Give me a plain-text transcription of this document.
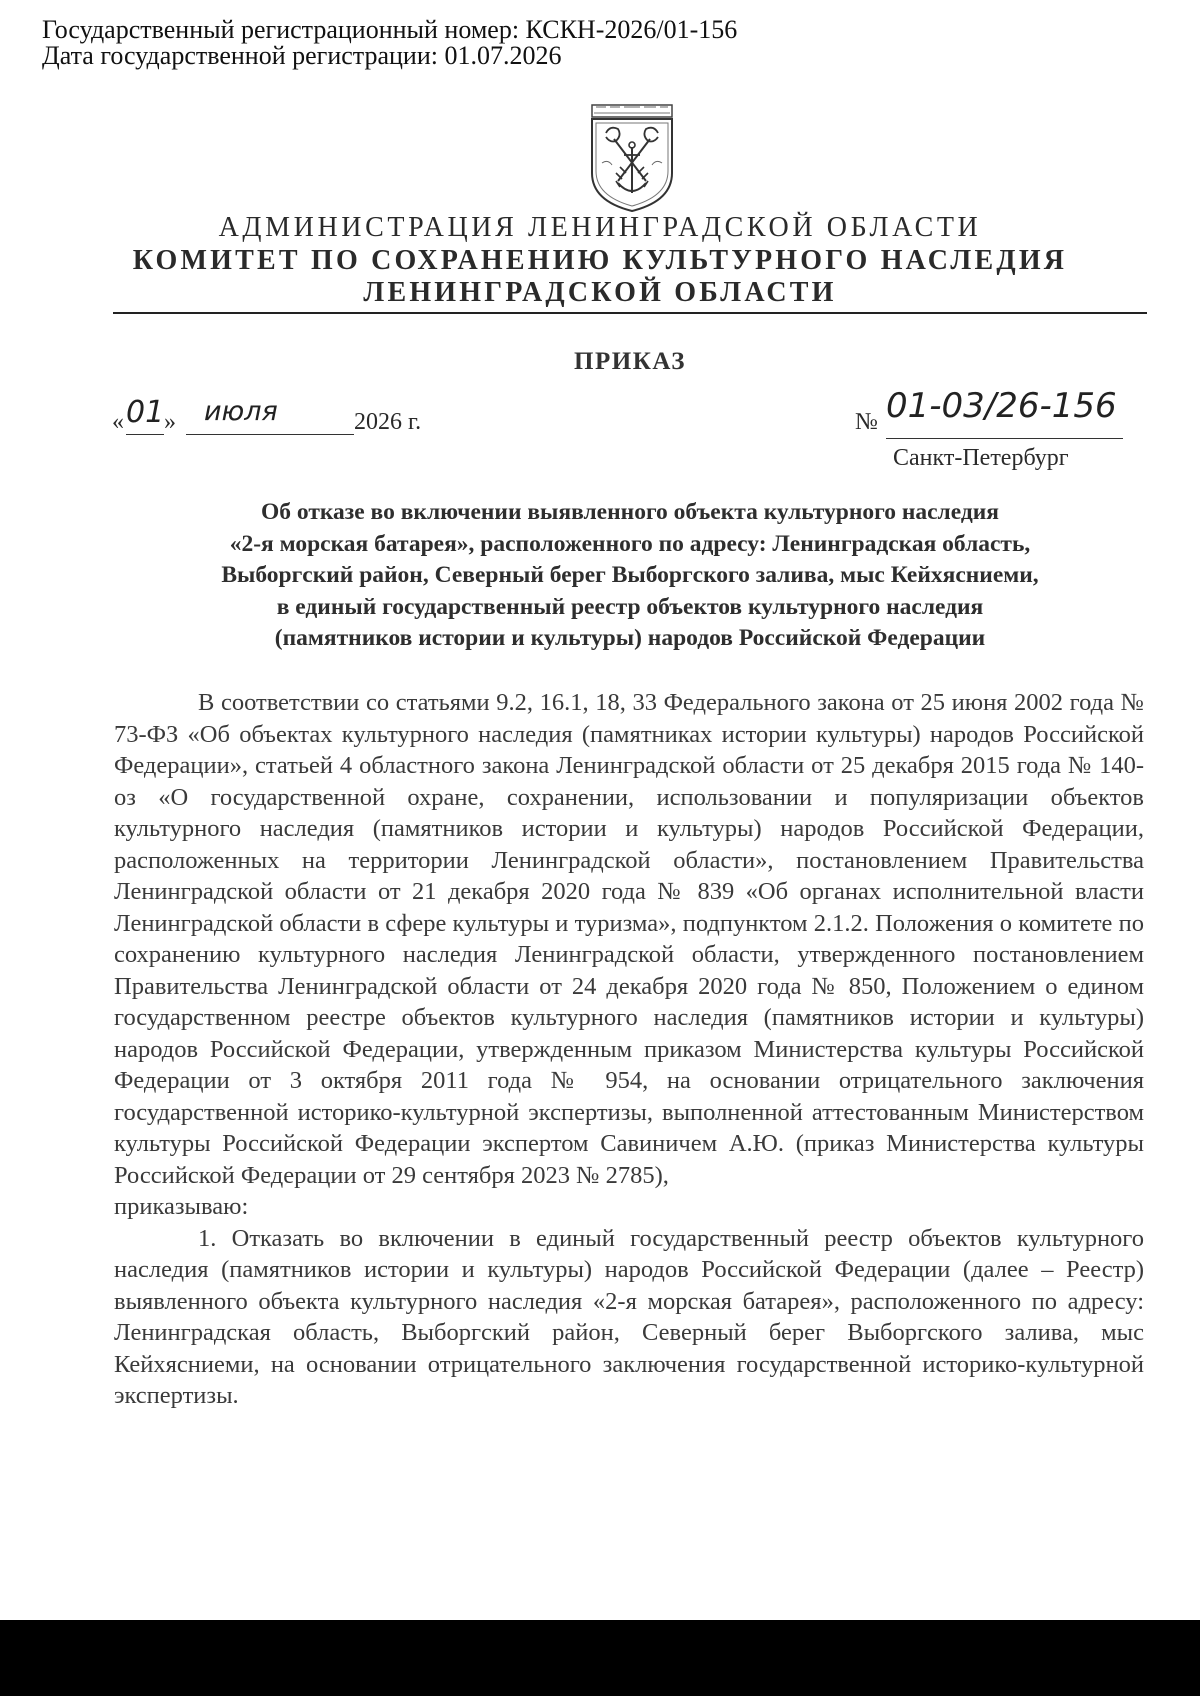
Государственный регистрационный номер: КСКН-2026/01-156
Дата государственной регистрации: 01.07.2026
АДМИНИСТРАЦИЯ ЛЕНИНГРАДСКОЙ ОБЛАСТИ
КОМИТЕТ ПО СОХРАНЕНИЮ КУЛЬТУРНОГО НАСЛЕДИЯ
ЛЕНИНГРАДСКОЙ ОБЛАСТИ
ПРИКАЗ
« 01 » июля	2026 г.	№ 01-03/26-156
Санкт-Петербург
Об отказе во включении выявленного объекта культурного наследия
«2-я морская батарея», расположенного по адресу: Ленинградская область,
Выборгский район, Северный берег Выборгского залива, мыс Кейхясниеми,
в единый государственный реестр объектов культурного наследия
(памятников истории и культуры) народов Российской Федерации

В соответствии со статьями 9.2, 16.1, 18, 33 Федерального закона от 25 июня 2002 года № 73-ФЗ «Об объектах культурного наследия (памятниках истории культуры) народов Российской Федерации», статьей 4 областного закона Ленинградской области от 25 декабря 2015 года № 140-оз «О государственной охране, сохранении, использовании и популяризации объектов культурного наследия (памятников истории и культуры) народов Российской Федерации, расположенных на территории Ленинградской области», постановлением Правительства Ленинградской области от 21 декабря 2020 года № 839 «Об органах исполнительной власти Ленинградской области в сфере культуры и туризма», подпунктом 2.1.2. Положения о комитете по сохранению культурного наследия Ленинградской области, утвержденного постановлением Правительства Ленинградской области от 24 декабря 2020 года № 850, Положением о едином государственном реестре объектов культурного наследия (памятников истории и культуры) народов Российской Федерации, утвержденным приказом Министерства культуры Российской Федерации от 3 октября 2011 года № 954, на основании отрицательного заключения государственной историко-культурной экспертизы, выполненной аттестованным Министерством культуры Российской Федерации экспертом Савиничем А.Ю. (приказ Министерства культуры Российской Федерации от 29 сентября 2023 № 2785),

приказываю:

1. Отказать во включении в единый государственный реестр объектов культурного наследия (памятников истории и культуры) народов Российской Федерации (далее – Реестр) выявленного объекта культурного наследия «2-я морская батарея», расположенного по адресу: Ленинградская область, Выборгский район, Северный берег Выборгского залива, мыс Кейхясниеми, на основании отрицательного заключения государственной историко-культурной экспертизы.
